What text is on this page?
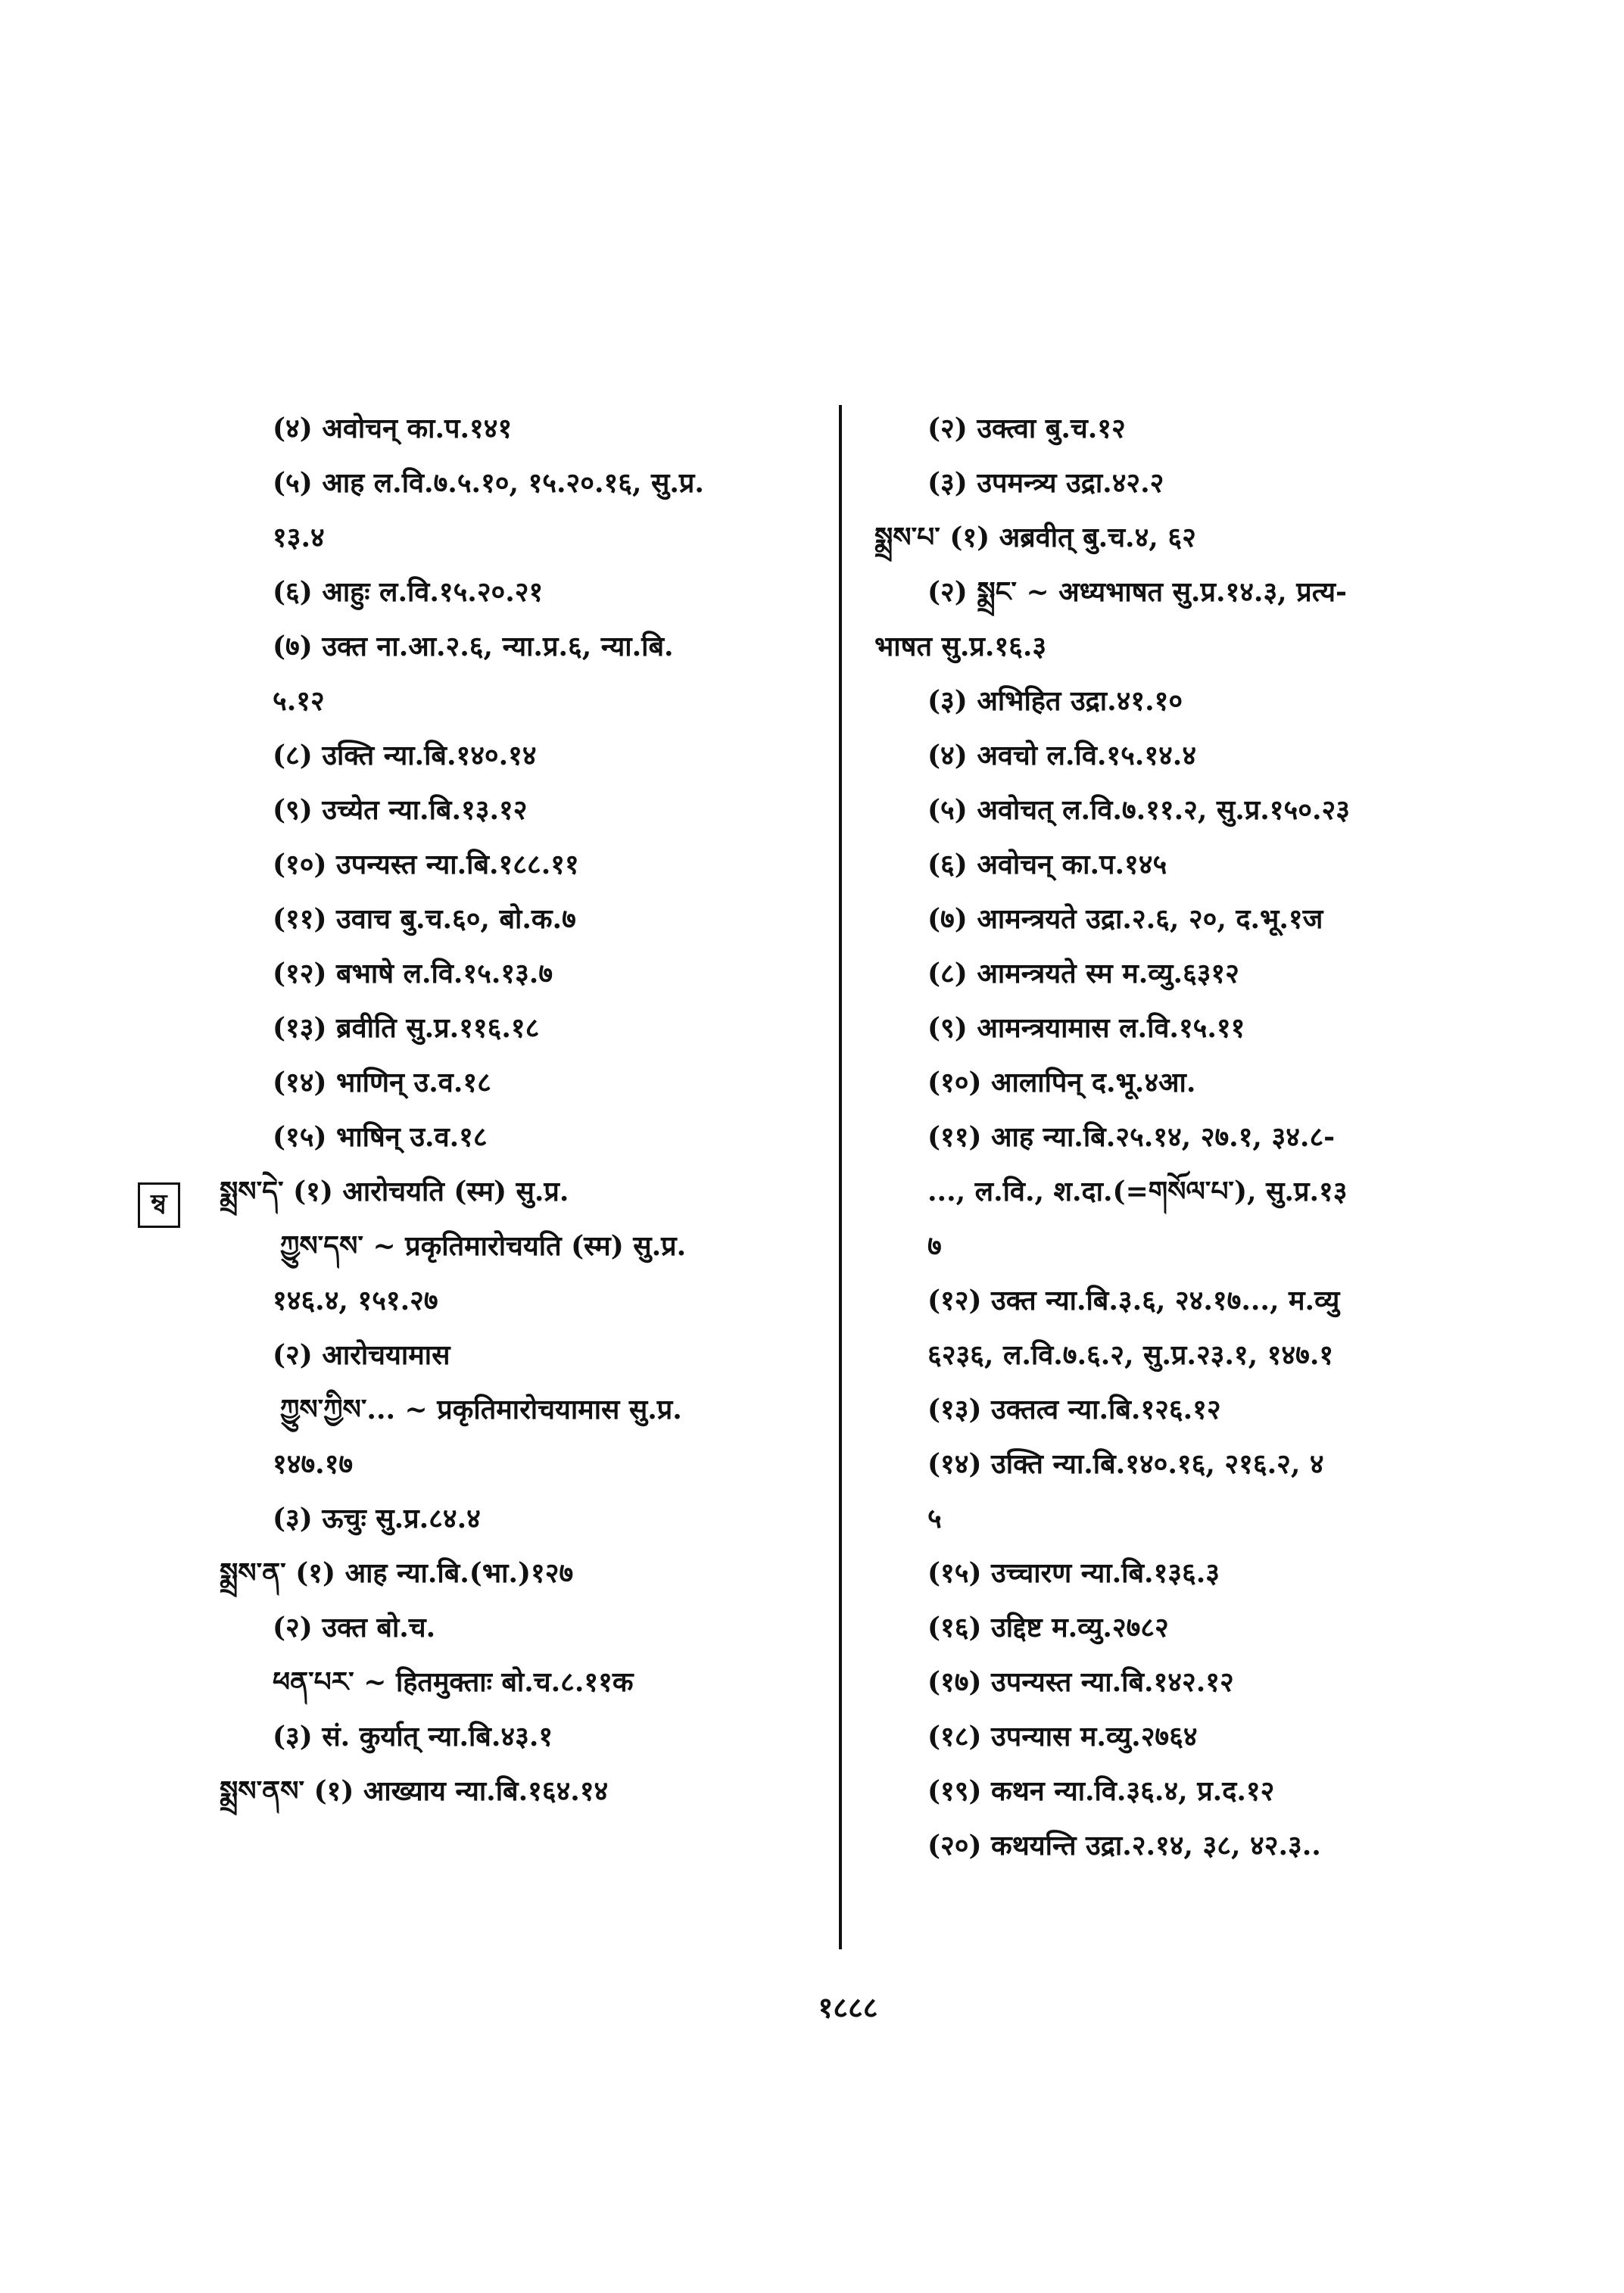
(४) अवोचन् का.प.१४१
(५) आह ल.वि.७.५.१०, १५.२०.१६, सु.प्र.
१३.४
(६) आहुः ल.वि.१५.२०.२१
(७) उक्त ना.आ.२.६, न्या.प्र.६, न्या.बि.
५.१२
(८) उक्ति न्या.बि.१४०.१४
(९) उच्येत न्या.बि.१३.१२
(१०) उपन्यस्त न्या.बि.१८८.११
(११) उवाच बु.च.६०, बो.क.७
(१२) बभाषे ल.वि.१५.१३.७
(१३) ब्रवीति सु.प्र.११६.१८
(१४) भाणिन् उ.व.१८
(१५) भाषिन् उ.व.१८
སྨྲས་དེ་ (१) आरोचयति (स्म) सु.प्र.
ཀྱུས་དས་ ~ प्रकृतिमारोचयति (स्म) सु.प्र.
१४६.४, १५१.२७
(२) आरोचयामास
ཀྱུས་ཀྱིས་... ~ प्रकृतिमारोचयामास सु.प्र.
१४७.१७
(३) ऊचुः सु.प्र.८४.४
སྨྲས་ན་ (१) आह न्या.बि.(भा.)१२७
(२) उक्त बो.च.
ཕན་པར་ ~ हितमुक्ताः बो.च.८.११क
(३) सं. कुर्यात् न्या.बि.४३.१
སྨྲས་ནས་ (१) आख्याय न्या.बि.१६४.१४
(२) उक्त्वा बु.च.१२
(३) उपमन्त्र्य उद्रा.४२.२
སྨྲས་པ་ (१) अब्रवीत् बु.च.४, ६२
(२) སྨྲང་ ~ अध्यभाषत सु.प्र.१४.३, प्रत्य-
भाषत सु.प्र.१६.३
(३) अभिहित उद्रा.४१.१०
(४) अवचो ल.वि.१५.१४.४
(५) अवोचत् ल.वि.७.११.२, सु.प्र.१५०.२३
(६) अवोचन् का.प.१४५
(७) आमन्त्रयते उद्रा.२.६, २०, द.भू.१ज
(८) आमन्त्रयते स्म म.व्यु.६३१२
(९) आमन्त्रयामास ल.वि.१५.११
(१०) आलापिन् द.भू.४आ.
(११) आह न्या.बि.२५.१४, २७.१, ३४.८-
..., ल.वि., श.दा.(=གསོལ་པ་), सु.प्र.१३
७
(१२) उक्त न्या.बि.३.६, २४.१७..., म.व्यु
६२३६, ल.वि.७.६.२, सु.प्र.२३.१, १४७.१
(१३) उक्तत्व न्या.बि.१२६.१२
(१४) उक्ति न्या.बि.१४०.१६, २१६.२, ४
५
(१५) उच्चारण न्या.बि.१३६.३
(१६) उद्दिष्ट म.व्यु.२७८२
(१७) उपन्यस्त न्या.बि.१४२.१२
(१८) उपन्यास म.व्यु.२७६४
(१९) कथन न्या.वि.३६.४, प्र.द.१२
(२०) कथयन्ति उद्रा.२.१४, ३८, ४२.३..
ম্ব
१८८८
